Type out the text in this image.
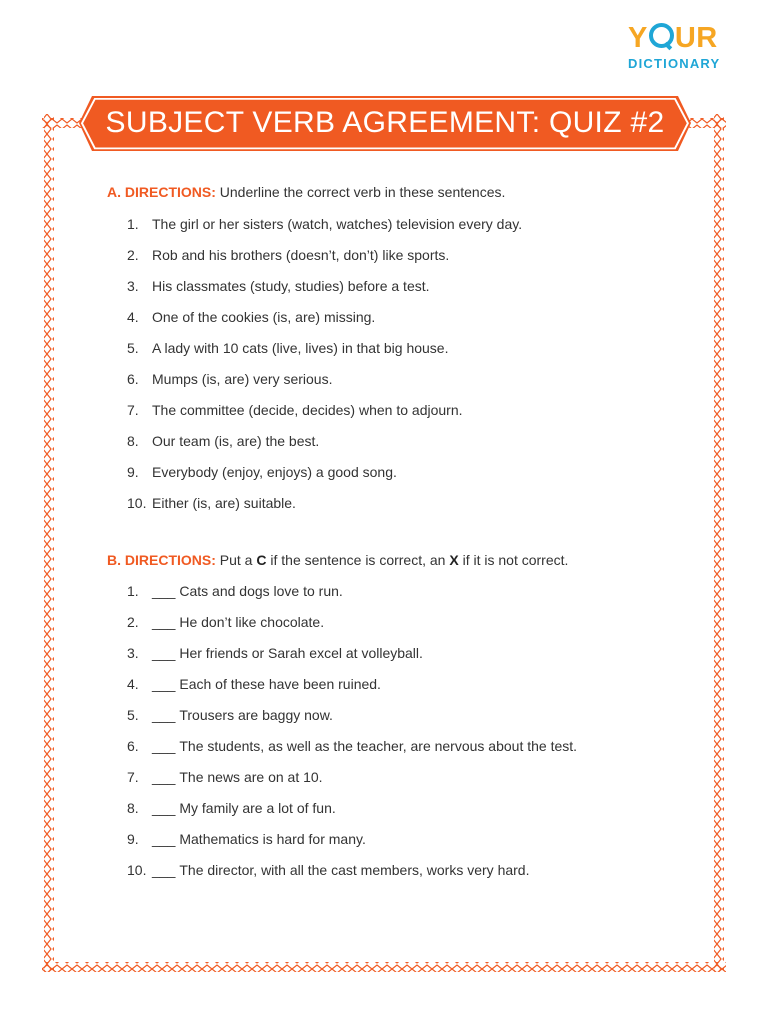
Y UR
DICTIONARY
SUBJECT VERB AGREEMENT: QUIZ #2
A. DIRECTIONS: Underline the correct verb in these sentences.
1. The girl or her sisters (watch, watches) television every day.
2. Rob and his brothers (doesn’t, don’t) like sports.
3. His classmates (study, studies) before a test.
4. One of the cookies (is, are) missing.
5. A lady with 10 cats (live, lives) in that big house.
6. Mumps (is, are) very serious.
7. The committee (decide, decides) when to adjourn.
8. Our team (is, are) the best.
9. Everybody (enjoy, enjoys) a good song.
10. Either (is, are) suitable.
B. DIRECTIONS: Put a C if the sentence is correct, an X if it is not correct.
1. ___ Cats and dogs love to run.
2. ___ He don’t like chocolate.
3. ___ Her friends or Sarah excel at volleyball.
4. ___ Each of these have been ruined.
5. ___ Trousers are baggy now.
6. ___ The students, as well as the teacher, are nervous about the test.
7. ___ The news are on at 10.
8. ___ My family are a lot of fun.
9. ___ Mathematics is hard for many.
10. ___ The director, with all the cast members, works very hard.
